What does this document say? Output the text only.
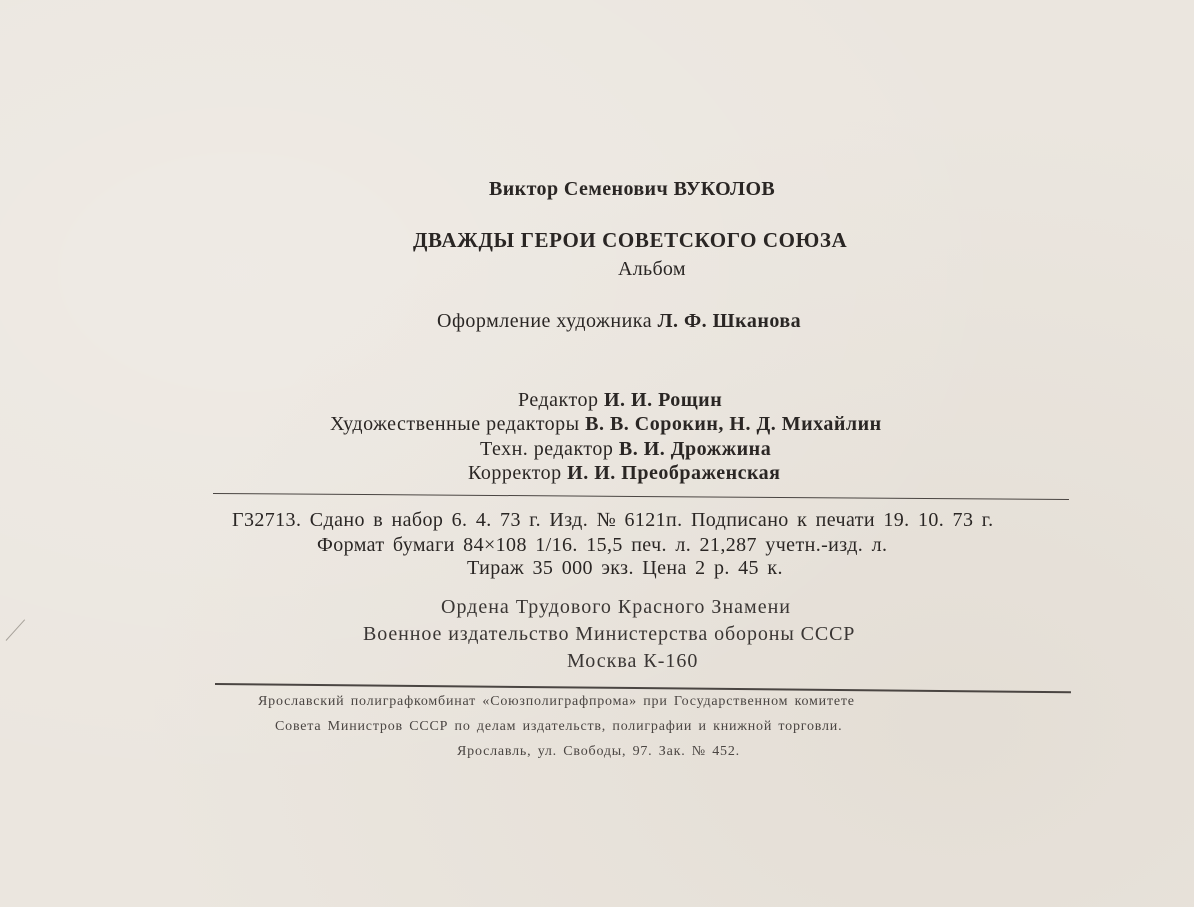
Виктор Семенович ВУКОЛОВ
ДВАЖДЫ ГЕРОИ СОВЕТСКОГО СОЮЗА
Альбом
Оформление художника Л. Ф. Шканова
Редактор И. И. Рощин
Художественные редакторы В. В. Сорокин, Н. Д. Михайлин
Техн. редактор В. И. Дрожжина
Корректор И. И. Преображенская
Г32713. Сдано в набор 6. 4. 73 г. Изд. № 6121п. Подписано к печати 19. 10. 73 г.
Формат бумаги 84×108 1/16. 15,5 печ. л. 21,287 учетн.-изд. л.
Тираж 35 000 экз. Цена 2 р. 45 к.
Ордена Трудового Красного Знамени
Военное издательство Министерства обороны СССР
Москва К-160
Ярославский полиграфкомбинат «Союзполиграфпрома» при Государственном комитете
Совета Министров СССР по делам издательств, полиграфии и книжной торговли.
Ярославль, ул. Свободы, 97. Зак. № 452.
